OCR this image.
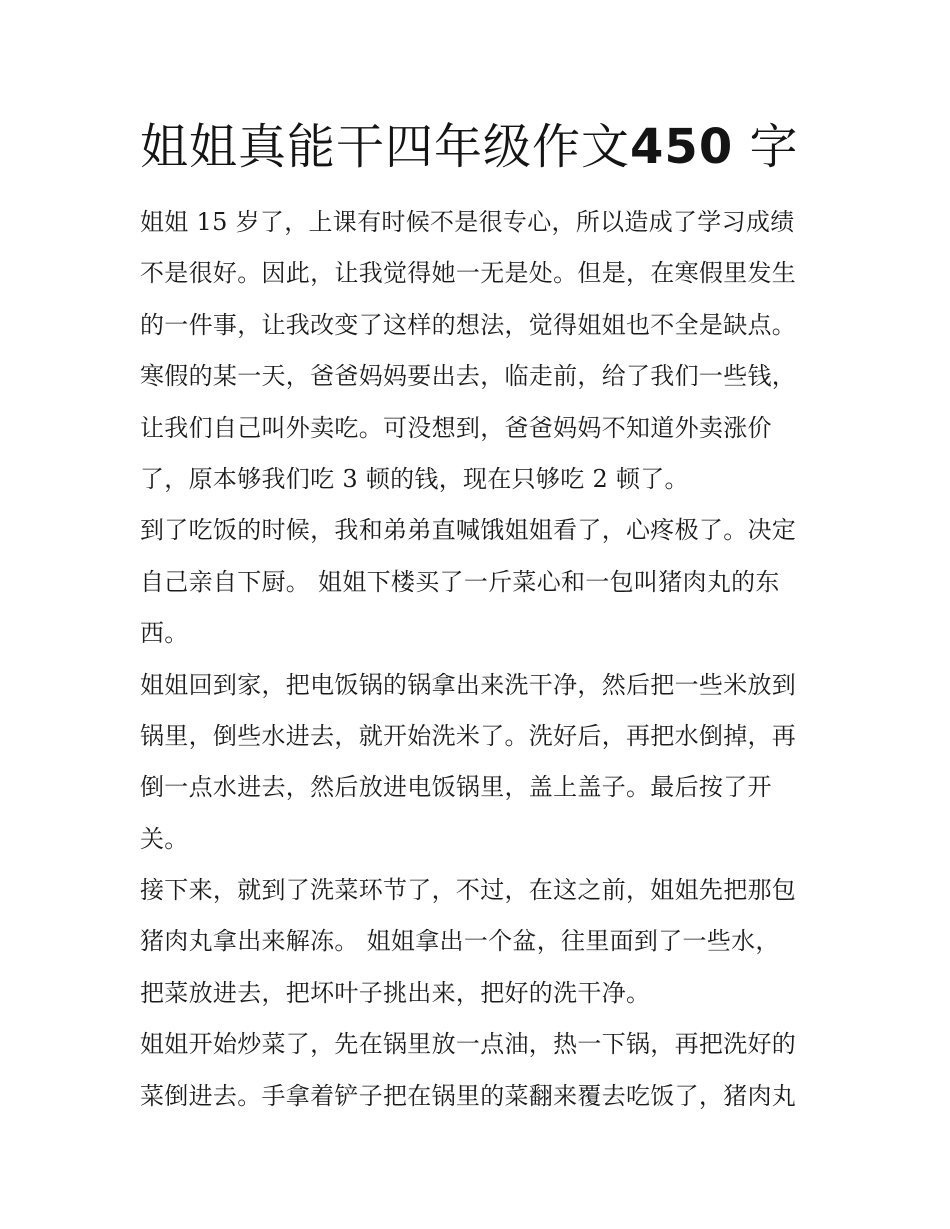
姐姐真能干四年级作文450 字
姐姐 15 岁了，上课有时候不是很专心，所以造成了学习成绩
不是很好。因此，让我觉得她一无是处。但是，在寒假里发生
的一件事，让我改变了这样的想法，觉得姐姐也不全是缺点。
寒假的某一天，爸爸妈妈要出去，临走前，给了我们一些钱，
让我们自己叫外卖吃。可没想到，爸爸妈妈不知道外卖涨价
了，原本够我们吃 3 顿的钱，现在只够吃 2 顿了。
到了吃饭的时候，我和弟弟直喊饿姐姐看了，心疼极了。决定
自己亲自下厨。 姐姐下楼买了一斤菜心和一包叫猪肉丸的东
西。
姐姐回到家，把电饭锅的锅拿出来洗干净，然后把一些米放到
锅里，倒些水进去，就开始洗米了。洗好后，再把水倒掉，再
倒一点水进去，然后放进电饭锅里，盖上盖子。最后按了开
关。
接下来，就到了洗菜环节了，不过，在这之前，姐姐先把那包
猪肉丸拿出来解冻。 姐姐拿出一个盆，往里面到了一些水，
把菜放进去，把坏叶子挑出来，把好的洗干净。
姐姐开始炒菜了，先在锅里放一点油，热一下锅，再把洗好的
菜倒进去。手拿着铲子把在锅里的菜翻来覆去吃饭了，猪肉丸
